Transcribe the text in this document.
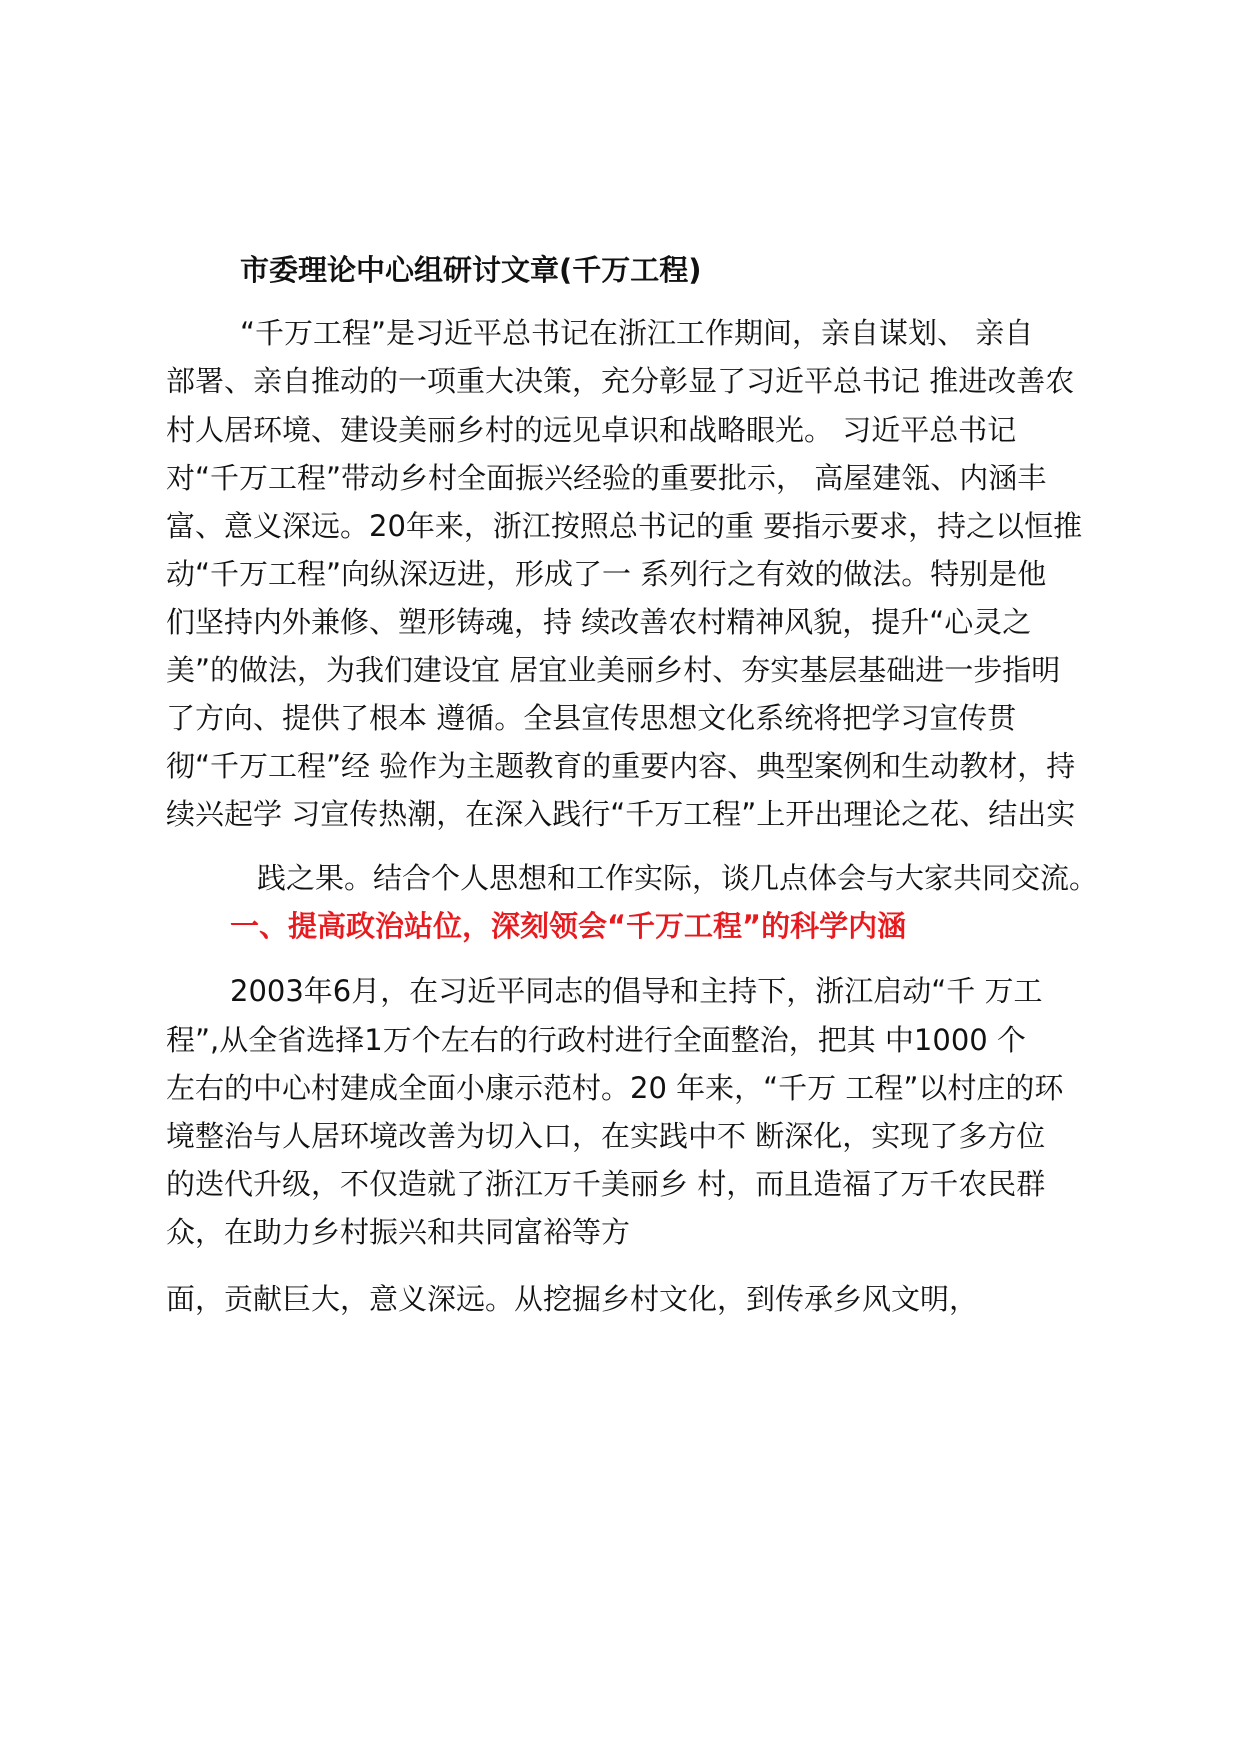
市委理论中心组研讨文章(千万工程)
“千万工程”是习近平总书记在浙江工作期间，亲自谋划、 亲自
部署、亲自推动的一项重大决策，充分彰显了习近平总书记 推进改善农
村人居环境、建设美丽乡村的远见卓识和战略眼光。 习近平总书记
对“千万工程”带动乡村全面振兴经验的重要批示， 高屋建瓴、内涵丰
富、意义深远。20年来，浙江按照总书记的重 要指示要求，持之以恒推
动“千万工程”向纵深迈进，形成了一 系列行之有效的做法。特别是他
们坚持内外兼修、塑形铸魂，持 续改善农村精神风貌，提升“心灵之
美”的做法，为我们建设宜 居宜业美丽乡村、夯实基层基础进一步指明
了方向、提供了根本 遵循。全县宣传思想文化系统将把学习宣传贯
彻“千万工程”经 验作为主题教育的重要内容、典型案例和生动教材，持
续兴起学 习宣传热潮，在深入践行“千万工程”上开出理论之花、结出实
践之果。结合个人思想和工作实际，谈几点体会与大家共同交流。
一、提高政治站位，深刻领会“千万工程”的科学内涵
2003年6月，在习近平同志的倡导和主持下，浙江启动“千 万工
程”,从全省选择1万个左右的行政村进行全面整治，把其 中1000 个
左右的中心村建成全面小康示范村。20 年来，“千万 工程”以村庄的环
境整治与人居环境改善为切入口，在实践中不 断深化，实现了多方位
的迭代升级，不仅造就了浙江万千美丽乡 村，而且造福了万千农民群
众，在助力乡村振兴和共同富裕等方
面，贡献巨大，意义深远。从挖掘乡村文化，到传承乡风文明，
